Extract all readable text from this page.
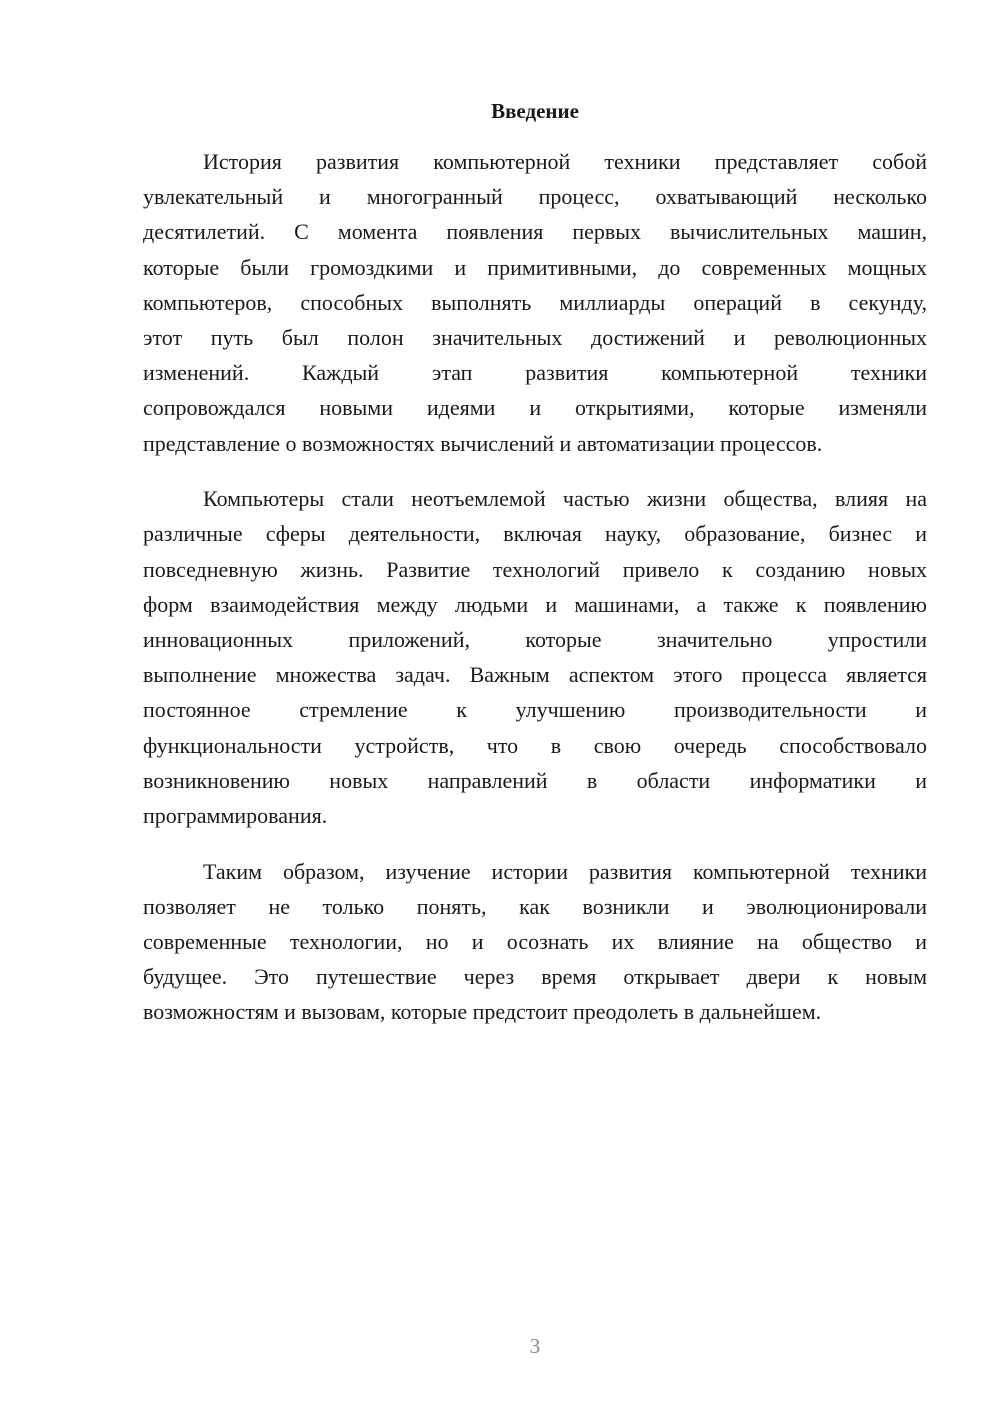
Введение
История развития компьютерной техники представляет собой
увлекательный и многогранный процесс, охватывающий несколько
десятилетий. С момента появления первых вычислительных машин,
которые были громоздкими и примитивными, до современных мощных
компьютеров, способных выполнять миллиарды операций в секунду,
этот путь был полон значительных достижений и революционных
изменений. Каждый этап развития компьютерной техники
сопровождался новыми идеями и открытиями, которые изменяли
представление о возможностях вычислений и автоматизации процессов.
Компьютеры стали неотъемлемой частью жизни общества, влияя на
различные сферы деятельности, включая науку, образование, бизнес и
повседневную жизнь. Развитие технологий привело к созданию новых
форм взаимодействия между людьми и машинами, а также к появлению
инновационных приложений, которые значительно упростили
выполнение множества задач. Важным аспектом этого процесса является
постоянное стремление к улучшению производительности и
функциональности устройств, что в свою очередь способствовало
возникновению новых направлений в области информатики и
программирования.
Таким образом, изучение истории развития компьютерной техники
позволяет не только понять, как возникли и эволюционировали
современные технологии, но и осознать их влияние на общество и
будущее. Это путешествие через время открывает двери к новым
возможностям и вызовам, которые предстоит преодолеть в дальнейшем.
3
